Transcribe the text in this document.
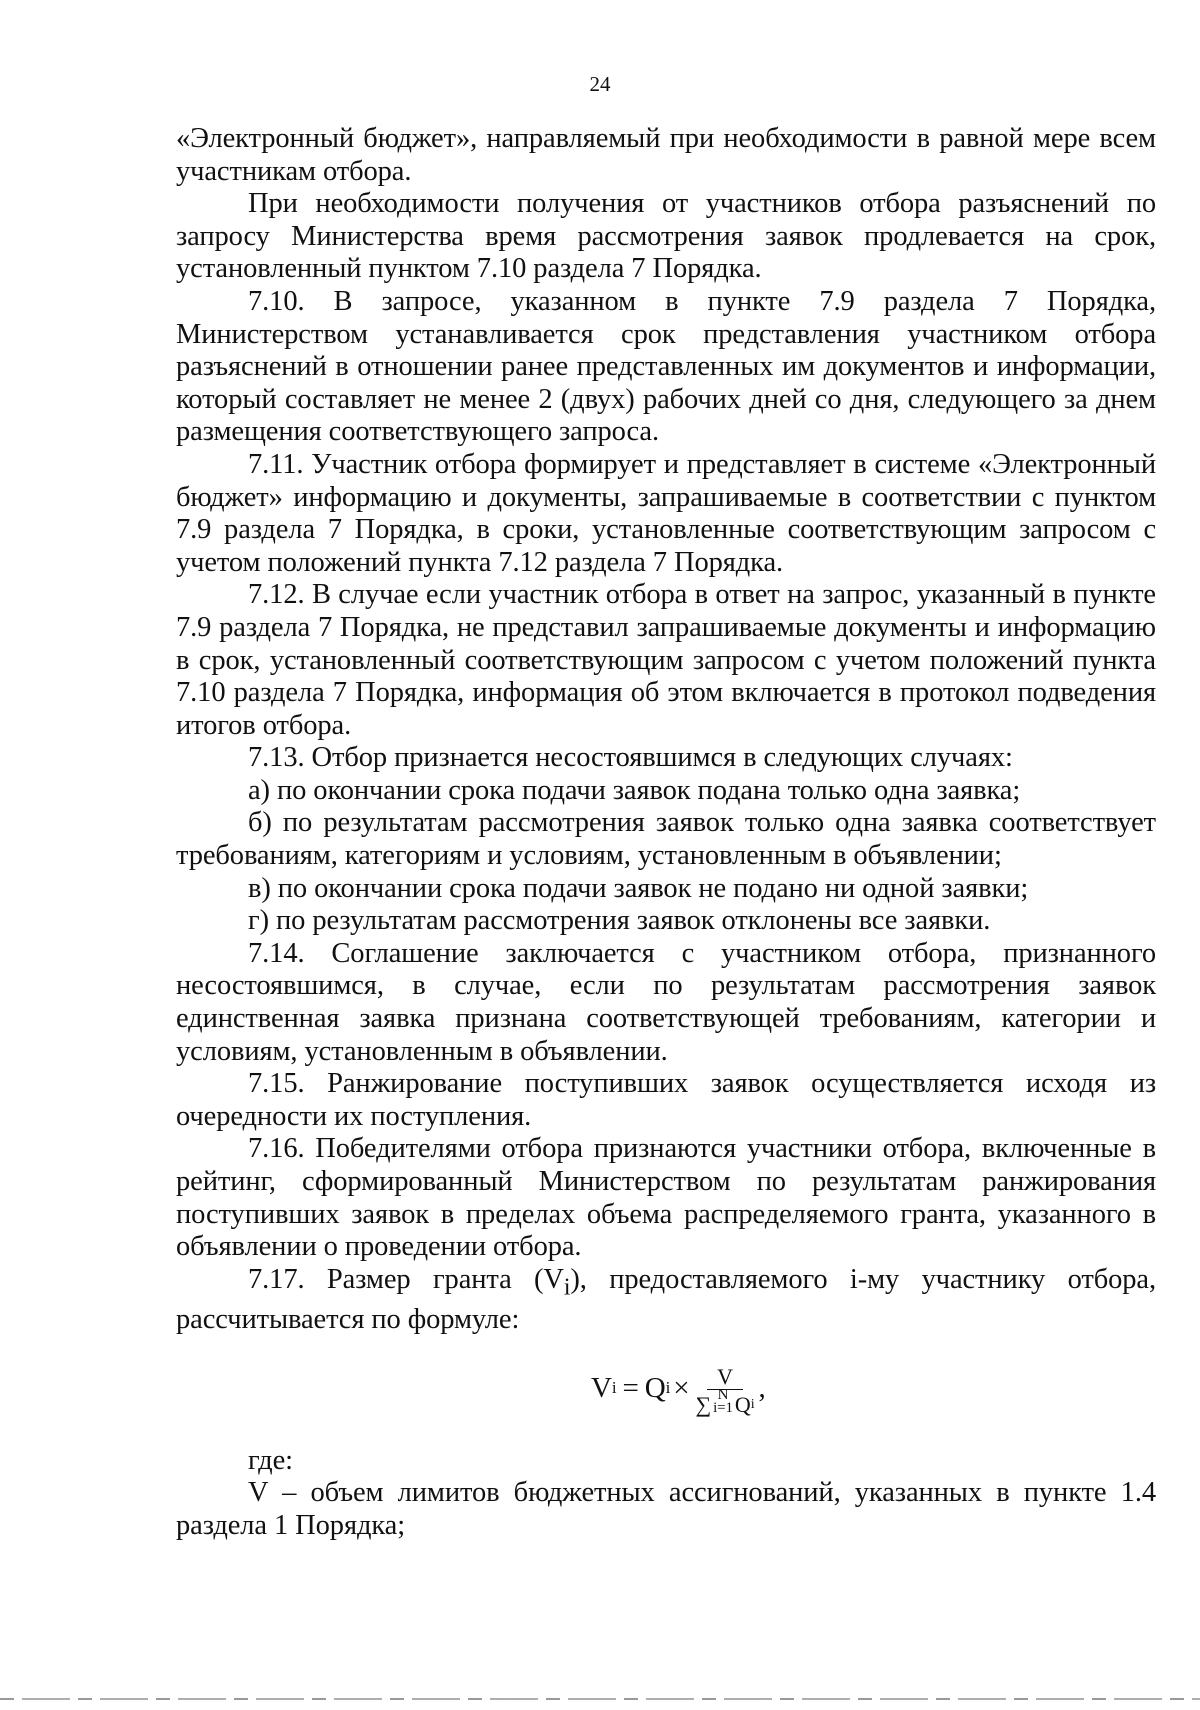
24

«Электронный бюджет», направляемый при необходимости в равной мере всем участникам отбора.

При необходимости получения от участников отбора разъяснений по запросу Министерства время рассмотрения заявок продлевается на срок, установленный пунктом 7.10 раздела 7 Порядка.

7.10. В запросе, указанном в пункте 7.9 раздела 7 Порядка, Министерством устанавливается срок представления участником отбора разъяснений в отношении ранее представленных им документов и информации, который составляет не менее 2 (двух) рабочих дней со дня, следующего за днем размещения соответствующего запроса.

7.11. Участник отбора формирует и представляет в системе «Электронный бюджет» информацию и документы, запрашиваемые в соответствии с пунктом 7.9 раздела 7 Порядка, в сроки, установленные соответствующим запросом с учетом положений пункта 7.12 раздела 7 Порядка.

7.12. В случае если участник отбора в ответ на запрос, указанный в пункте 7.9 раздела 7 Порядка, не представил запрашиваемые документы и информацию в срок, установленный соответствующим запросом с учетом положений пункта 7.10 раздела 7 Порядка, информация об этом включается в протокол подведения итогов отбора.

7.13. Отбор признается несостоявшимся в следующих случаях:

а) по окончании срока подачи заявок подана только одна заявка;

б) по результатам рассмотрения заявок только одна заявка соответствует требованиям, категориям и условиям, установленным в объявлении;

в) по окончании срока подачи заявок не подано ни одной заявки;

г) по результатам рассмотрения заявок отклонены все заявки.

7.14. Соглашение заключается с участником отбора, признанного несостоявшимся, в случае, если по результатам рассмотрения заявок единственная заявка признана соответствующей требованиям, категории и условиям, установленным в объявлении.

7.15. Ранжирование поступивших заявок осуществляется исходя из очередности их поступления.

7.16. Победителями отбора признаются участники отбора, включенные в рейтинг, сформированный Министерством по результатам ранжирования поступивших заявок в пределах объема распределяемого гранта, указанного в объявлении о проведении отбора.

7.17. Размер гранта $(V_i)$, предоставляемого i-му участнику отбора, рассчитывается по формуле:

V i = Q i ×	V
∑ N
i=1 Q i
,

где:

V – объем лимитов бюджетных ассигнований, указанных в пункте 1.4 раздела 1 Порядка;
